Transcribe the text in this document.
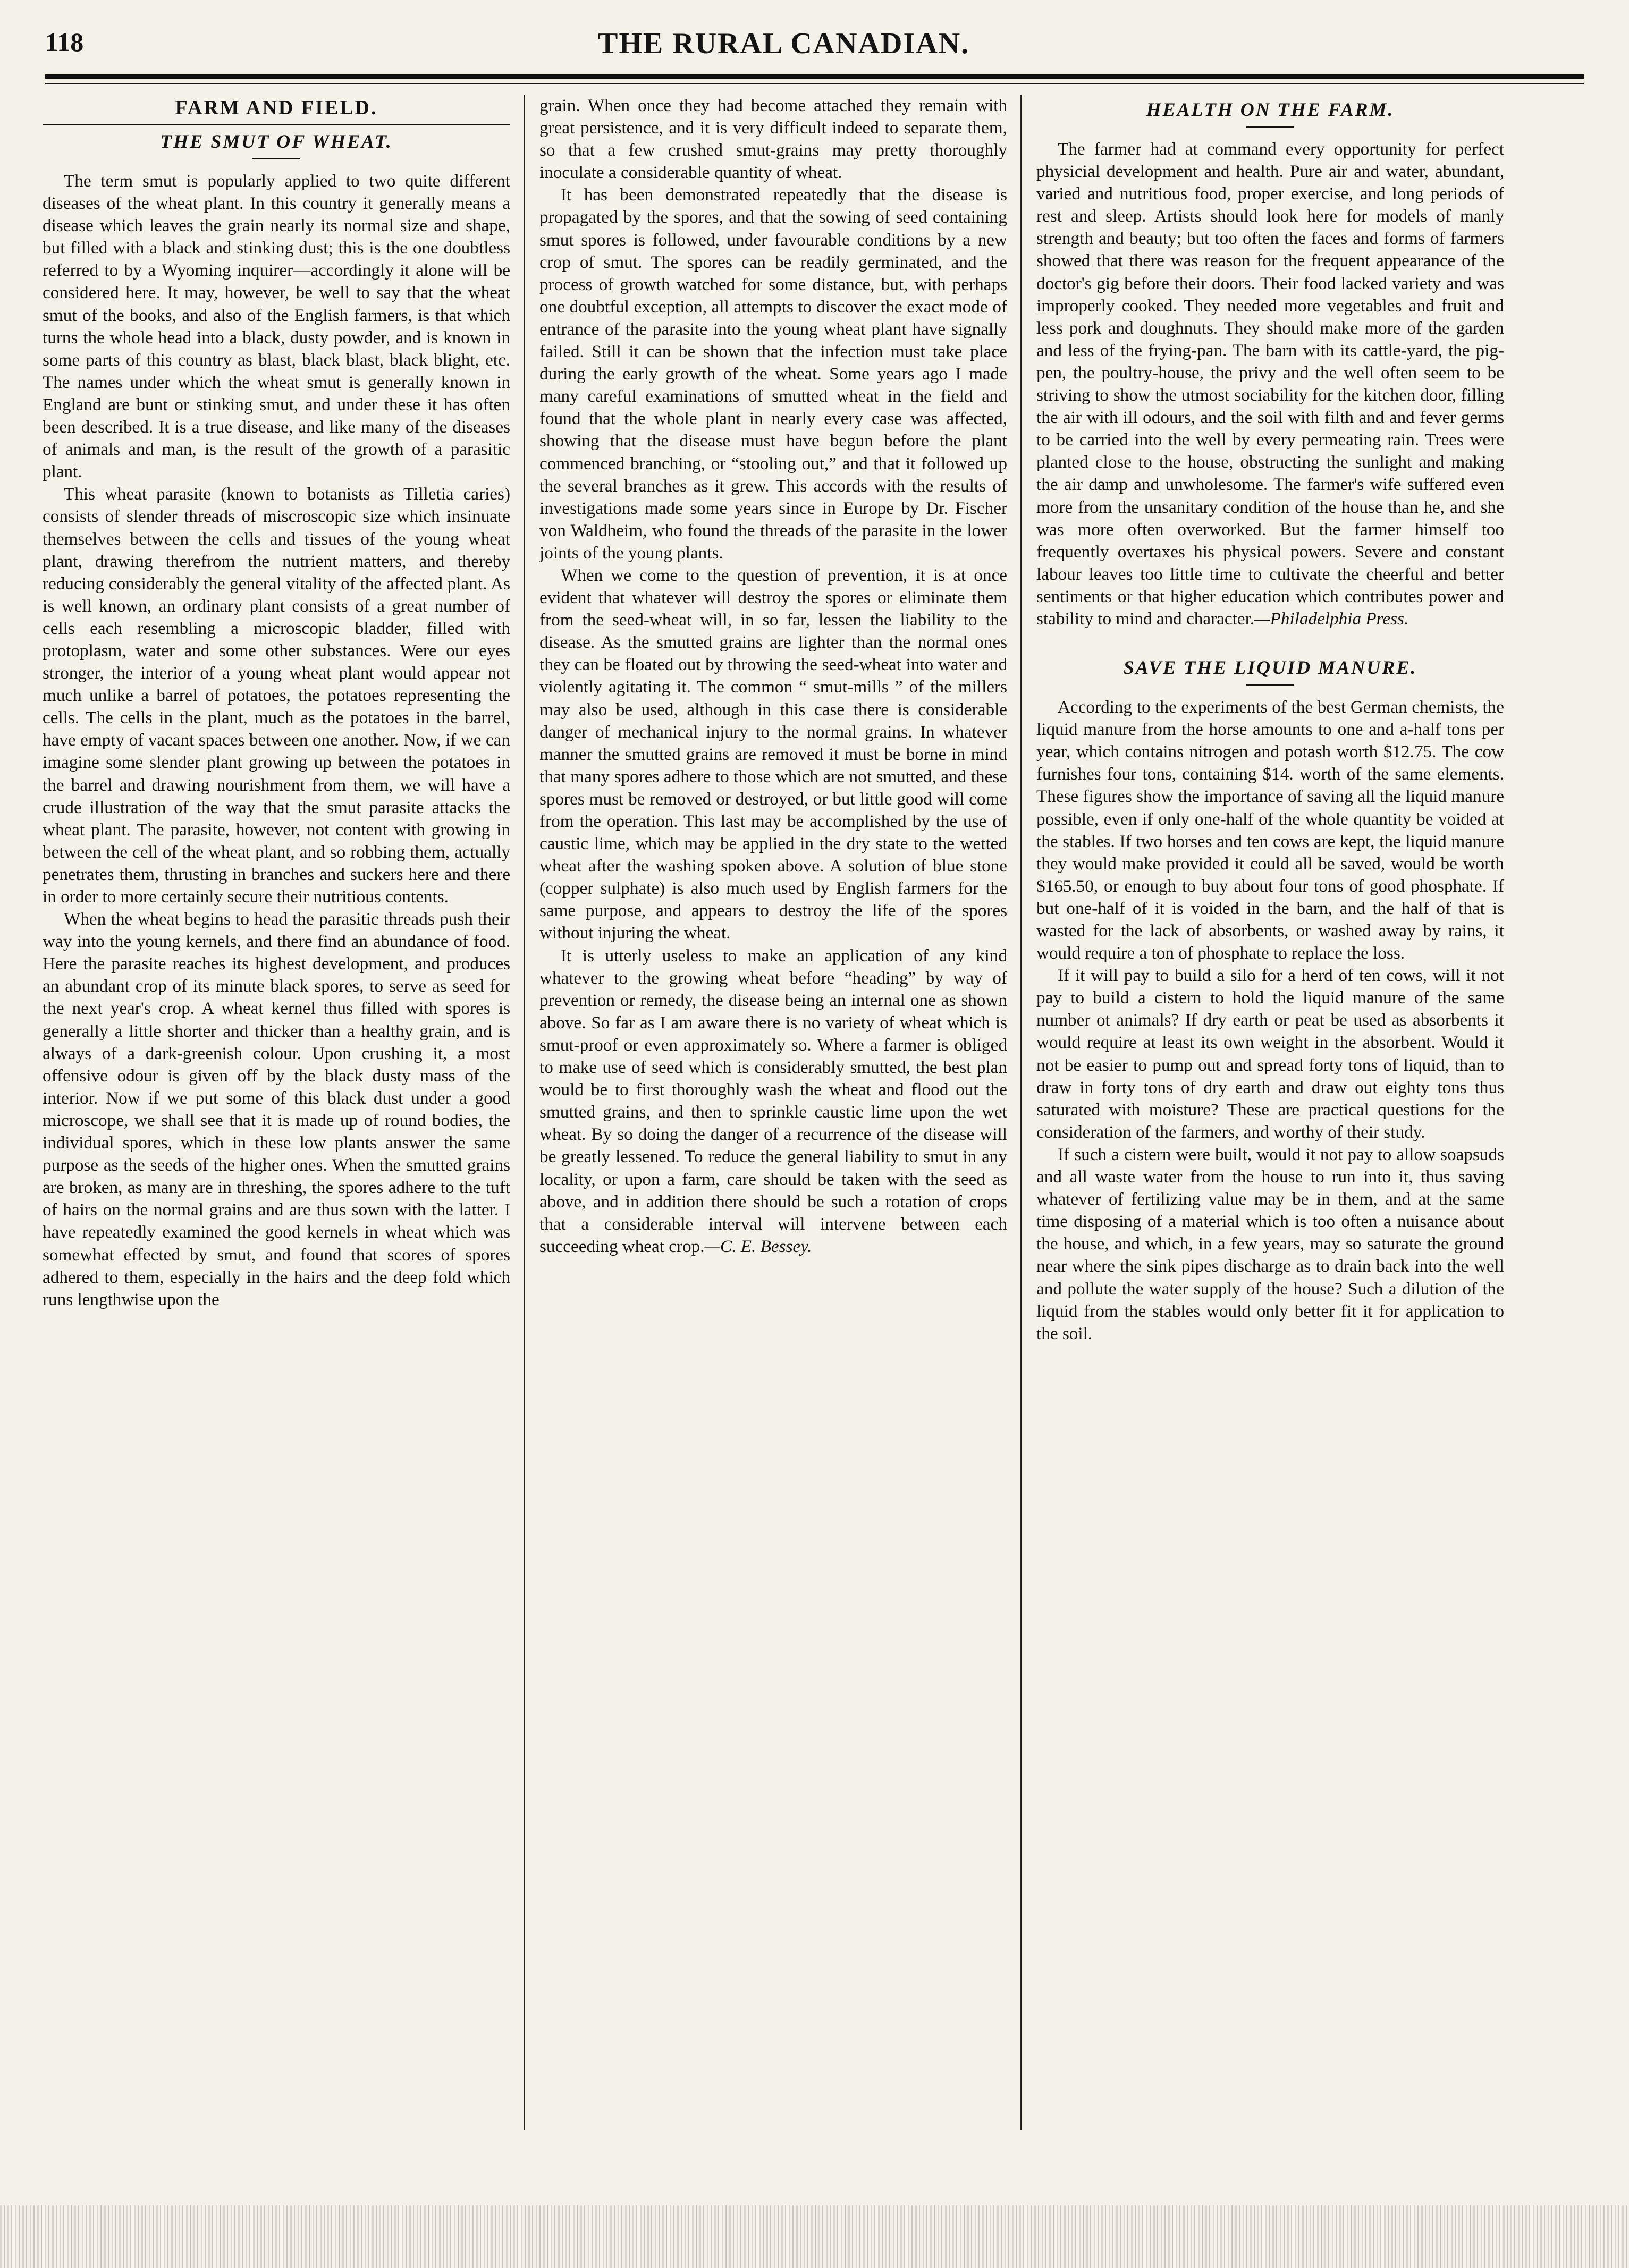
118	THE RURAL CANADIAN.
FARM AND FIELD.
THE SMUT OF WHEAT.

The term smut is popularly applied to two quite different diseases of the wheat plant. In this country it generally means a disease which leaves the grain nearly its normal size and shape, but filled with a black and stinking dust; this is the one doubtless referred to by a Wyoming inquirer—accordingly it alone will be considered here. It may, however, be well to say that the wheat smut of the books, and also of the English farmers, is that which turns the whole head into a black, dusty powder, and is known in some parts of this country as blast, black blast, black blight, etc. The names under which the wheat smut is generally known in England are bunt or stinking smut, and under these it has often been described. It is a true disease, and like many of the diseases of animals and man, is the result of the growth of a parasitic plant.

This wheat parasite (known to botanists as Tilletia caries) consists of slender threads of miscroscopic size which insinuate themselves between the cells and tissues of the young wheat plant, drawing therefrom the nutrient matters, and thereby reducing considerably the general vitality of the affected plant. As is well known, an ordinary plant consists of a great number of cells each resembling a microscopic bladder, filled with protoplasm, water and some other substances. Were our eyes stronger, the interior of a young wheat plant would appear not much unlike a barrel of potatoes, the potatoes representing the cells. The cells in the plant, much as the potatoes in the barrel, have empty of vacant spaces between one another. Now, if we can imagine some slender plant growing up between the potatoes in the barrel and drawing nourishment from them, we will have a crude illustration of the way that the smut parasite attacks the wheat plant. The parasite, however, not content with growing in between the cell of the wheat plant, and so robbing them, actually penetrates them, thrusting in branches and suckers here and there in order to more certainly secure their nutritious contents.

When the wheat begins to head the parasitic threads push their way into the young kernels, and there find an abundance of food. Here the parasite reaches its highest development, and produces an abundant crop of its minute black spores, to serve as seed for the next year's crop. A wheat kernel thus filled with spores is generally a little shorter and thicker than a healthy grain, and is always of a dark-greenish colour. Upon crushing it, a most offensive odour is given off by the black dusty mass of the interior. Now if we put some of this black dust under a good microscope, we shall see that it is made up of round bodies, the individual spores, which in these low plants answer the same purpose as the seeds of the higher ones. When the smutted grains are broken, as many are in threshing, the spores adhere to the tuft of hairs on the normal grains and are thus sown with the latter. I have repeatedly examined the good kernels in wheat which was somewhat effected by smut, and found that scores of spores adhered to them, especially in the hairs and the deep fold which runs lengthwise upon the

grain. When once they had become attached they remain with great persistence, and it is very difficult indeed to separate them, so that a few crushed smut-grains may pretty thoroughly inoculate a considerable quantity of wheat.

It has been demonstrated repeatedly that the disease is propagated by the spores, and that the sowing of seed containing smut spores is followed, under favourable conditions by a new crop of smut. The spores can be readily germinated, and the process of growth watched for some distance, but, with perhaps one doubtful exception, all attempts to discover the exact mode of entrance of the parasite into the young wheat plant have signally failed. Still it can be shown that the infection must take place during the early growth of the wheat. Some years ago I made many careful examinations of smutted wheat in the field and found that the whole plant in nearly every case was affected, showing that the disease must have begun before the plant commenced branching, or “stooling out,” and that it followed up the several branches as it grew. This accords with the results of investigations made some years since in Europe by Dr. Fischer von Waldheim, who found the threads of the parasite in the lower joints of the young plants.

When we come to the question of prevention, it is at once evident that whatever will destroy the spores or eliminate them from the seed-wheat will, in so far, lessen the liability to the disease. As the smutted grains are lighter than the normal ones they can be floated out by throwing the seed-wheat into water and violently agitating it. The common “ smut-mills ” of the millers may also be used, although in this case there is considerable danger of mechanical injury to the normal grains. In whatever manner the smutted grains are removed it must be borne in mind that many spores adhere to those which are not smutted, and these spores must be removed or destroyed, or but little good will come from the operation. This last may be accomplished by the use of caustic lime, which may be applied in the dry state to the wetted wheat after the washing spoken above. A solution of blue stone (copper sulphate) is also much used by English farmers for the same purpose, and appears to destroy the life of the spores without injuring the wheat.

It is utterly useless to make an application of any kind whatever to the growing wheat before “heading” by way of prevention or remedy, the disease being an internal one as shown above. So far as I am aware there is no variety of wheat which is smut-proof or even approximately so. Where a farmer is obliged to make use of seed which is considerably smutted, the best plan would be to first thoroughly wash the wheat and flood out the smutted grains, and then to sprinkle caustic lime upon the wet wheat. By so doing the danger of a recurrence of the disease will be greatly lessened. To reduce the general liability to smut in any locality, or upon a farm, care should be taken with the seed as above, and in addition there should be such a rotation of crops that a considerable interval will intervene between each succeeding wheat crop.—C. E. Bessey.

HEALTH ON THE FARM.

The farmer had at command every opportunity for perfect physicial development and health. Pure air and water, abundant, varied and nutritious food, proper exercise, and long periods of rest and sleep. Artists should look here for models of manly strength and beauty; but too often the faces and forms of farmers showed that there was reason for the frequent appearance of the doctor's gig before their doors. Their food lacked variety and was improperly cooked. They needed more vegetables and fruit and less pork and doughnuts. They should make more of the garden and less of the frying-pan. The barn with its cattle-yard, the pig-pen, the poultry-house, the privy and the well often seem to be striving to show the utmost sociability for the kitchen door, filling the air with ill odours, and the soil with filth and and fever germs to be carried into the well by every permeating rain. Trees were planted close to the house, obstructing the sunlight and making the air damp and unwholesome. The farmer's wife suffered even more from the unsanitary condition of the house than he, and she was more often overworked. But the farmer himself too frequently overtaxes his physical powers. Severe and constant labour leaves too little time to cultivate the cheerful and better sentiments or that higher education which contributes power and stability to mind and character.—Philadelphia Press.

SAVE THE LIQUID MANURE.

According to the experiments of the best German chemists, the liquid manure from the horse amounts to one and a-half tons per year, which contains nitrogen and potash worth $12.75. The cow furnishes four tons, containing $14. worth of the same elements. These figures show the importance of saving all the liquid manure possible, even if only one-half of the whole quantity be voided at the stables. If two horses and ten cows are kept, the liquid manure they would make provided it could all be saved, would be worth $165.50, or enough to buy about four tons of good phosphate. If but one-half of it is voided in the barn, and the half of that is wasted for the lack of absorbents, or washed away by rains, it would require a ton of phosphate to replace the loss.

If it will pay to build a silo for a herd of ten cows, will it not pay to build a cistern to hold the liquid manure of the same number ot animals? If dry earth or peat be used as absorbents it would require at least its own weight in the absorbent. Would it not be easier to pump out and spread forty tons of liquid, than to draw in forty tons of dry earth and draw out eighty tons thus saturated with moisture? These are practical questions for the consideration of the farmers, and worthy of their study.

If such a cistern were built, would it not pay to allow soapsuds and all waste water from the house to run into it, thus saving whatever of fertilizing value may be in them, and at the same time disposing of a material which is too often a nuisance about the house, and which, in a few years, may so saturate the ground near where the sink pipes discharge as to drain back into the well and pollute the water supply of the house? Such a dilution of the liquid from the stables would only better fit it for application to the soil.
